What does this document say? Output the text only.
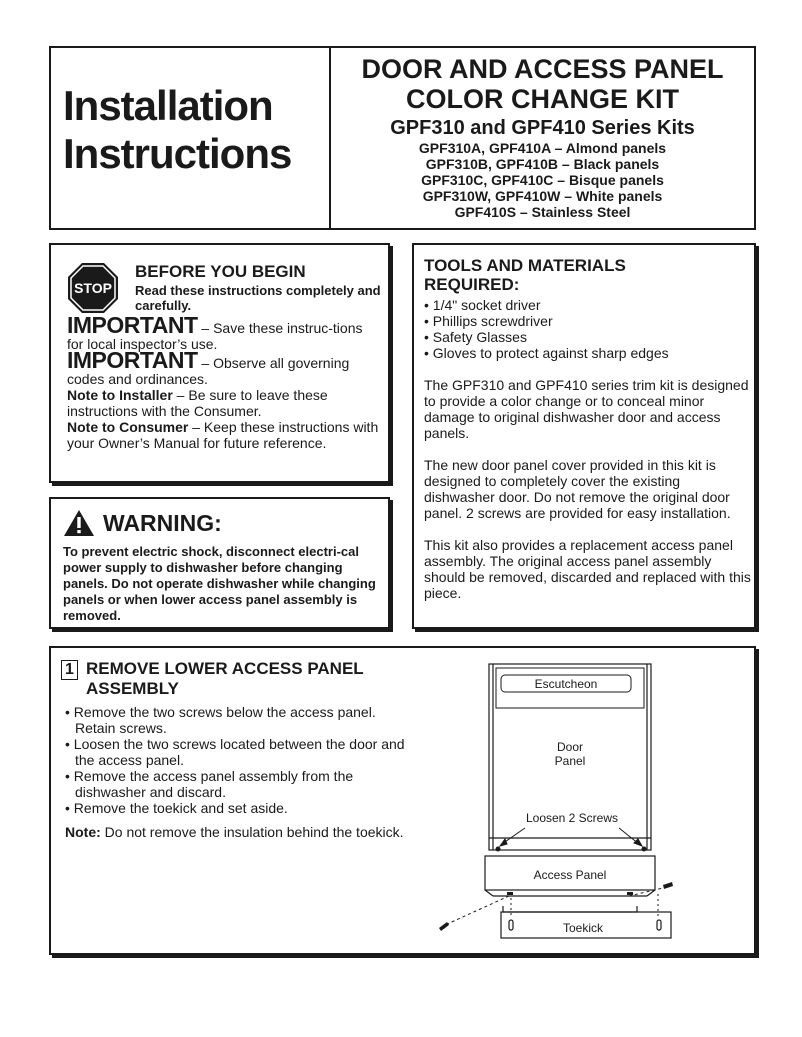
Installation
Instructions
DOOR AND ACCESS PANEL
COLOR CHANGE KIT
GPF310 and GPF410 Series Kits
GPF310A, GPF410A – Almond panels
GPF310B, GPF410B – Black panels
GPF310C, GPF410C – Bisque panels
GPF310W, GPF410W – White panels
GPF410S – Stainless Steel
STOP
BEFORE YOU BEGIN
Read these instructions completely and carefully.

IMPORTANT – Save these instruc-tions for local inspector’s use.

IMPORTANT – Observe all governing codes and ordinances.

Note to Installer – Be sure to leave these instructions with the Consumer.

Note to Consumer – Keep these instructions with your Owner’s Manual for future reference.

WARNING:
To prevent electric shock, disconnect electri-cal power supply to dishwasher before changing panels. Do not operate dishwasher while changing panels or when lower access panel assembly is removed.
TOOLS AND MATERIALS
REQUIRED:
• 1/4" socket driver
• Phillips screwdriver
• Safety Glasses
• Gloves to protect against sharp edges

The GPF310 and GPF410 series trim kit is designed to provide a color change or to conceal minor damage to original dishwasher door and access panels.

The new door panel cover provided in this kit is designed to completely cover the existing dishwasher door. Do not remove the original door panel. 2 screws are provided for easy installation.

This kit also provides a replacement access panel assembly. The original access panel assembly should be removed, discarded and replaced with this piece.

1 REMOVE LOWER ACCESS PANEL
ASSEMBLY
• Remove the two screws below the access panel. Retain screws.
• Loosen the two screws located between the door and the access panel.
• Remove the access panel assembly from the dishwasher and discard.
• Remove the toekick and set aside.

Note: Do not remove the insulation behind the toekick.

Escutcheon
Door
Panel
Loosen 2 Screws
Access Panel
Toekick
